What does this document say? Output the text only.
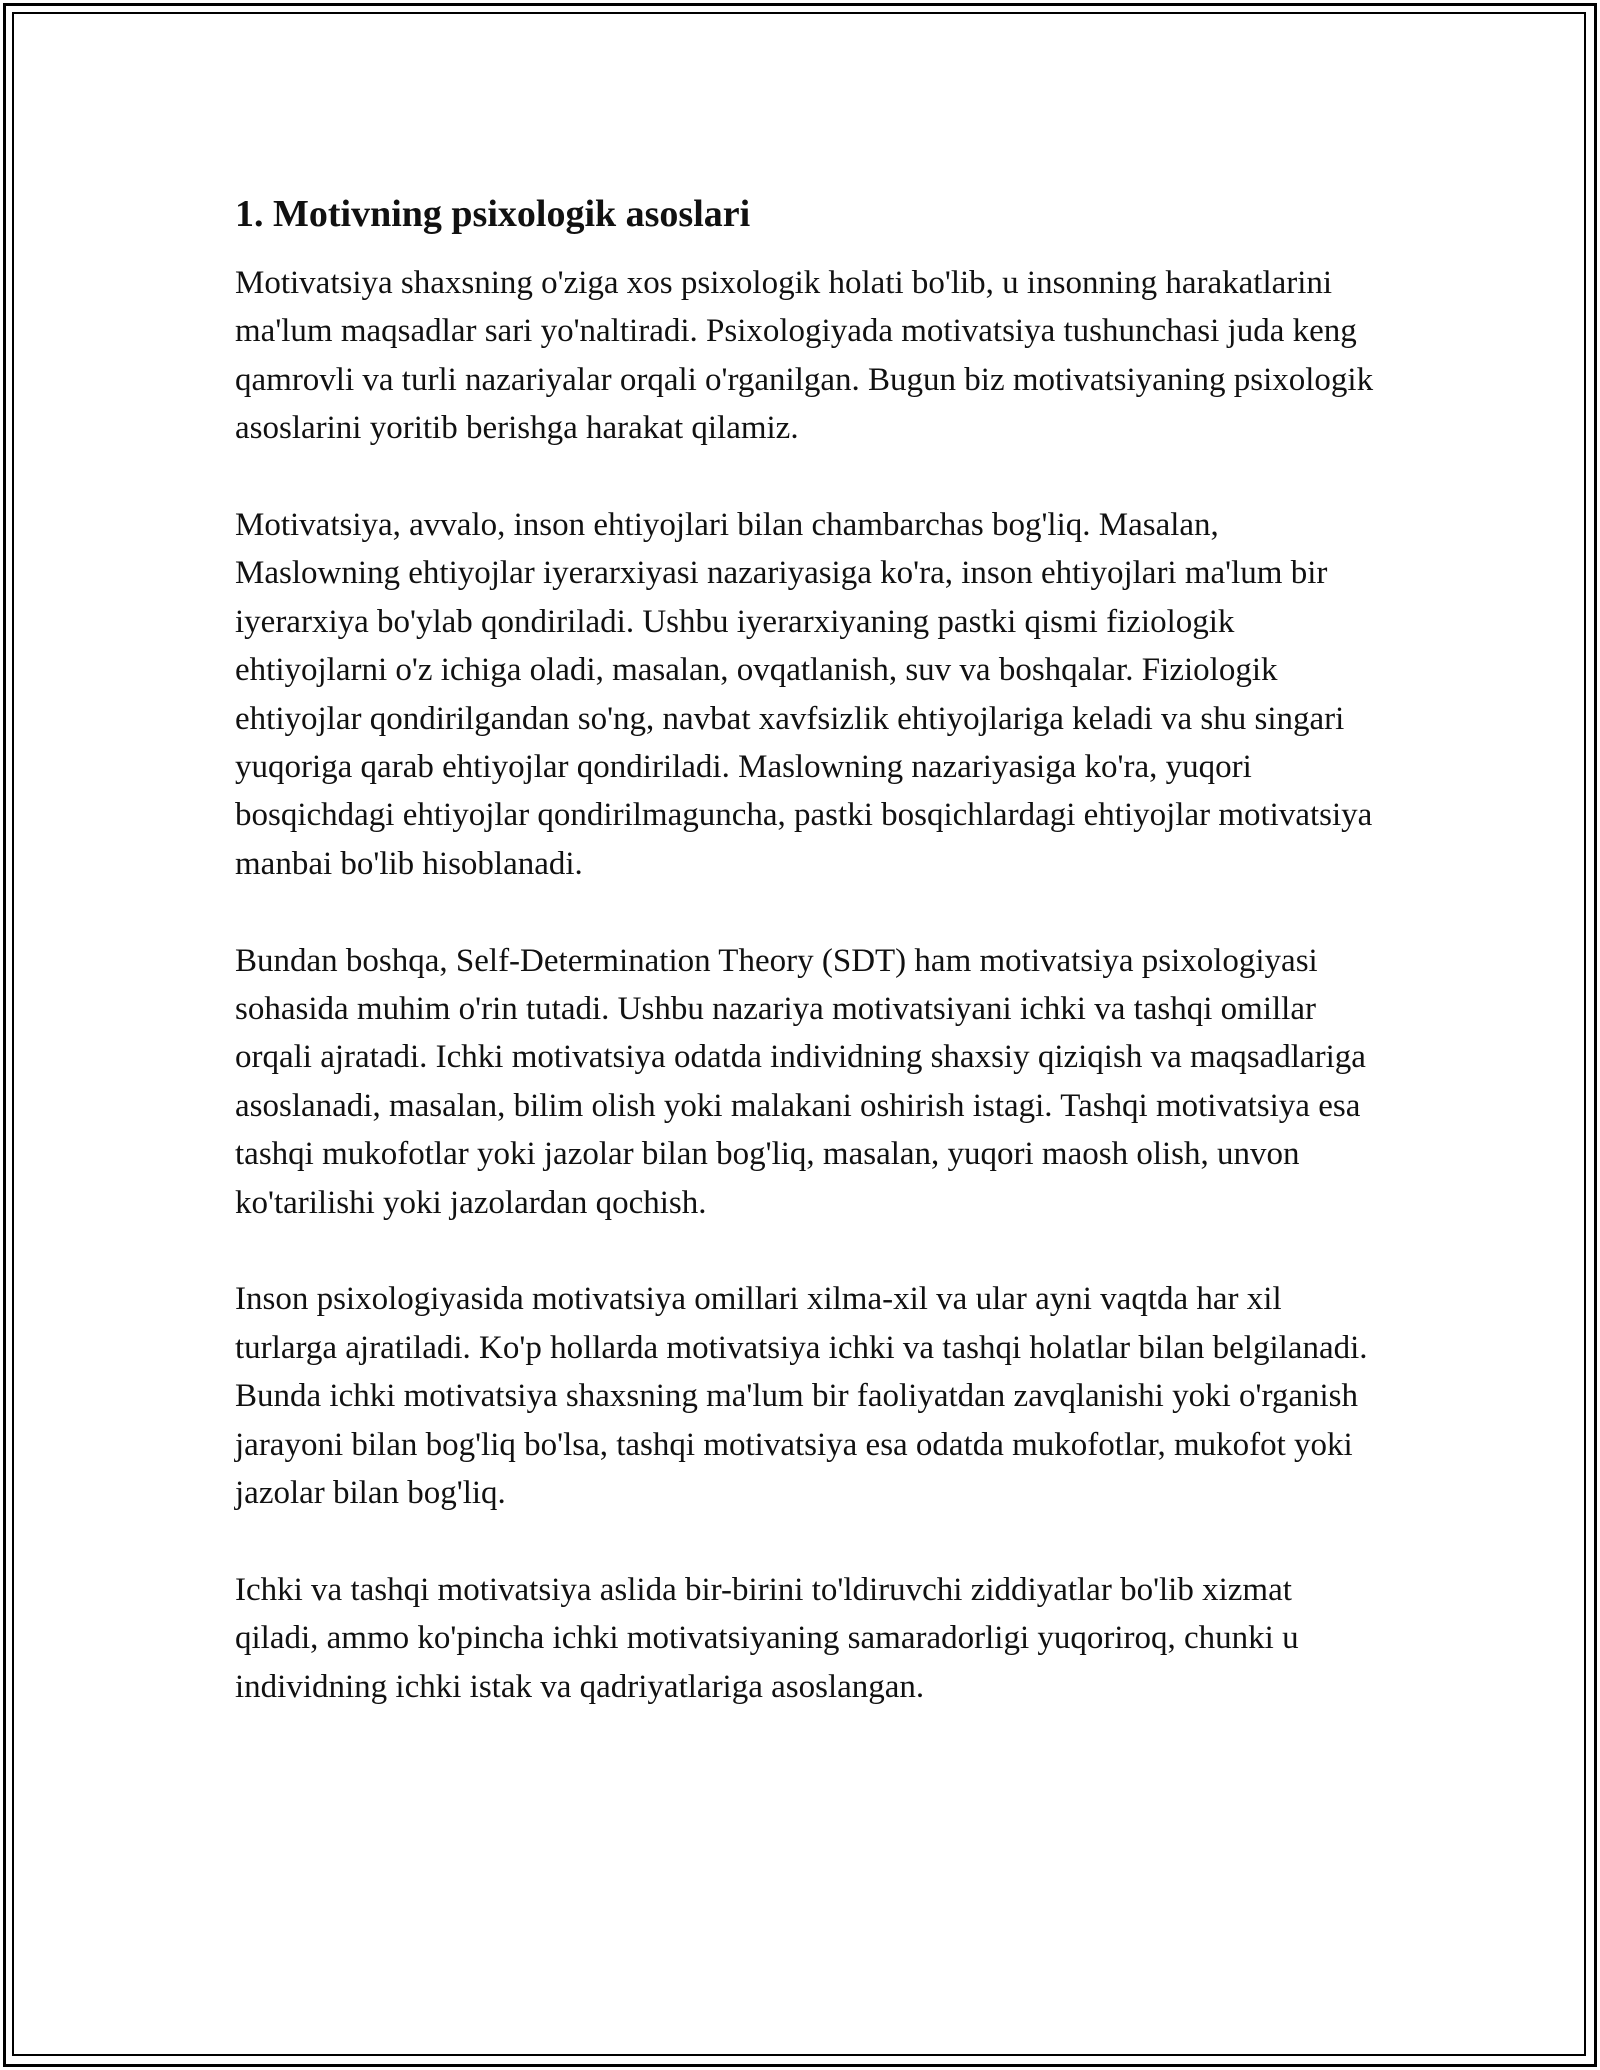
1. Motivning psixologik asoslari

Motivatsiya shaxsning o'ziga xos psixologik holati bo'lib, u insonning harakatlarini ma'lum maqsadlar sari yo'naltiradi. Psixologiyada motivatsiya tushunchasi juda keng qamrovli va turli nazariyalar orqali o'rganilgan. Bugun biz motivatsiyaning psixologik asoslarini yoritib berishga harakat qilamiz.

Motivatsiya, avvalo, inson ehtiyojlari bilan chambarchas bog'liq. Masalan, Maslowning ehtiyojlar iyerarxiyasi nazariyasiga ko'ra, inson ehtiyojlari ma'lum bir iyerarxiya bo'ylab qondiriladi. Ushbu iyerarxiyaning pastki qismi fiziologik ehtiyojlarni o'z ichiga oladi, masalan, ovqatlanish, suv va boshqalar. Fiziologik ehtiyojlar qondirilgandan so'ng, navbat xavfsizlik ehtiyojlariga keladi va shu singari yuqoriga qarab ehtiyojlar qondiriladi. Maslowning nazariyasiga ko'ra, yuqori bosqichdagi ehtiyojlar qondirilmaguncha, pastki bosqichlardagi ehtiyojlar motivatsiya manbai bo'lib hisoblanadi.

Bundan boshqa, Self-Determination Theory (SDT) ham motivatsiya psixologiyasi sohasida muhim o'rin tutadi. Ushbu nazariya motivatsiyani ichki va tashqi omillar orqali ajratadi. Ichki motivatsiya odatda individning shaxsiy qiziqish va maqsadlariga asoslanadi, masalan, bilim olish yoki malakani oshirish istagi. Tashqi motivatsiya esa tashqi mukofotlar yoki jazolar bilan bog'liq, masalan, yuqori maosh olish, unvon ko'tarilishi yoki jazolardan qochish.

Inson psixologiyasida motivatsiya omillari xilma-xil va ular ayni vaqtda har xil turlarga ajratiladi. Ko'p hollarda motivatsiya ichki va tashqi holatlar bilan belgilanadi. Bunda ichki motivatsiya shaxsning ma'lum bir faoliyatdan zavqlanishi yoki o'rganish jarayoni bilan bog'liq bo'lsa, tashqi motivatsiya esa odatda mukofotlar, mukofot yoki jazolar bilan bog'liq.

Ichki va tashqi motivatsiya aslida bir-birini to'ldiruvchi ziddiyatlar bo'lib xizmat qiladi, ammo ko'pincha ichki motivatsiyaning samaradorligi yuqoriroq, chunki u individning ichki istak va qadriyatlariga asoslangan.
